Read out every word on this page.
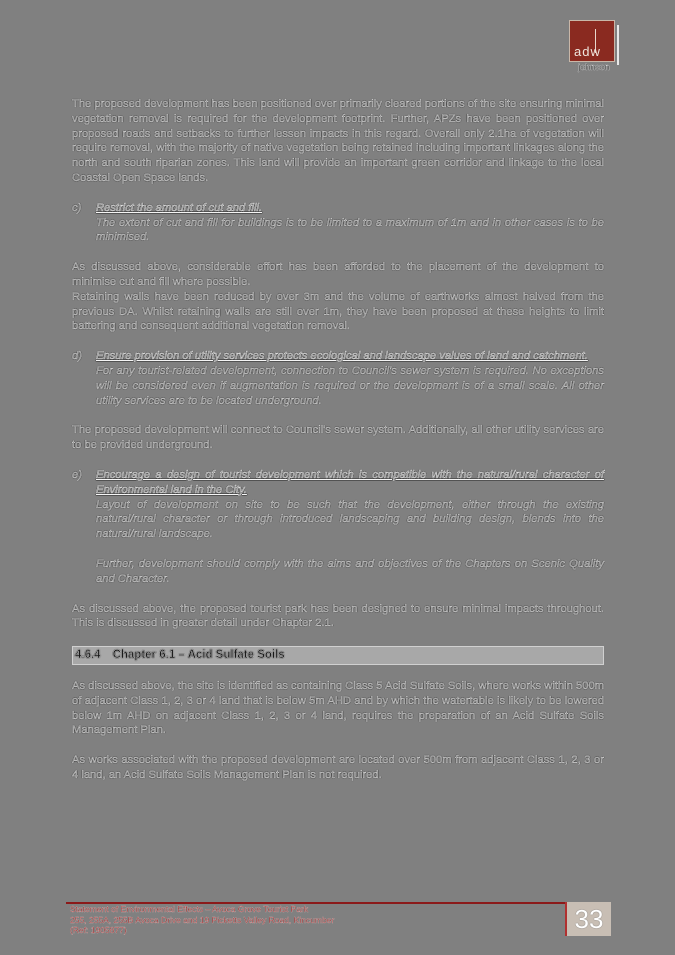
adw
johnson

The proposed development has been positioned over primarily cleared portions of the site ensuring minimal vegetation removal is required for the development footprint. Further, APZs have been positioned over proposed roads and setbacks to further lessen impacts in this regard. Overall only 2.1ha of vegetation will require removal, with the majority of native vegetation being retained including important linkages along the north and south riparian zones. This land will provide an important green corridor and linkage to the local Coastal Open Space lands.

c)	Restrict the amount of cut and fill.
The extent of cut and fill for buildings is to be limited to a maximum of 1m and in other cases is to be minimised.

As discussed above, considerable effort has been afforded to the placement of the development to minimise cut and fill where possible.

Retaining walls have been reduced by over 3m and the volume of earthworks almost halved from the previous DA. Whilst retaining walls are still over 1m, they have been proposed at these heights to limit battering and consequent additional vegetation removal.

d)	Ensure provision of utility services protects ecological and landscape values of land and catchment.
For any tourist-related development, connection to Council's sewer system is required. No exceptions will be considered even if augmentation is required or the development is of a small scale. All other utility services are to be located underground.

The proposed development will connect to Council's sewer system. Additionally, all other utility services are to be provided underground.

e)	Encourage a design of tourist development which is compatible with the natural/rural character of Environmental land in the City.
Layout of development on site to be such that the development, either through the existing natural/rural character or through introduced landscaping and building design, blends into the natural/rural landscape.
Further, development should comply with the aims and objectives of the Chapters on Scenic Quality and Character.

As discussed above, the proposed tourist park has been designed to ensure minimal impacts throughout. This is discussed in greater detail under Chapter 2.1.

4.6.4 Chapter 6.1 – Acid Sulfate Soils

As discussed above, the site is identified as containing Class 5 Acid Sulfate Soils, where works within 500m of adjacent Class 1, 2, 3 or 4 land that is below 5m AHD and by which the watertable is likely to be lowered below 1m AHD on adjacent Class 1, 2, 3 or 4 land, requires the preparation of an Acid Sulfate Soils Management Plan.

As works associated with the proposed development are located over 500m from adjacent Class 1, 2, 3 or 4 land, an Acid Sulfate Soils Management Plan is not required.

Statement of Environmental Effects – Avoca Grove Tourist Park
255, 255A, 255B Avoca Drive and 19 Picketts Valley Road, Kincumber
(Ref: 1905877)	33
